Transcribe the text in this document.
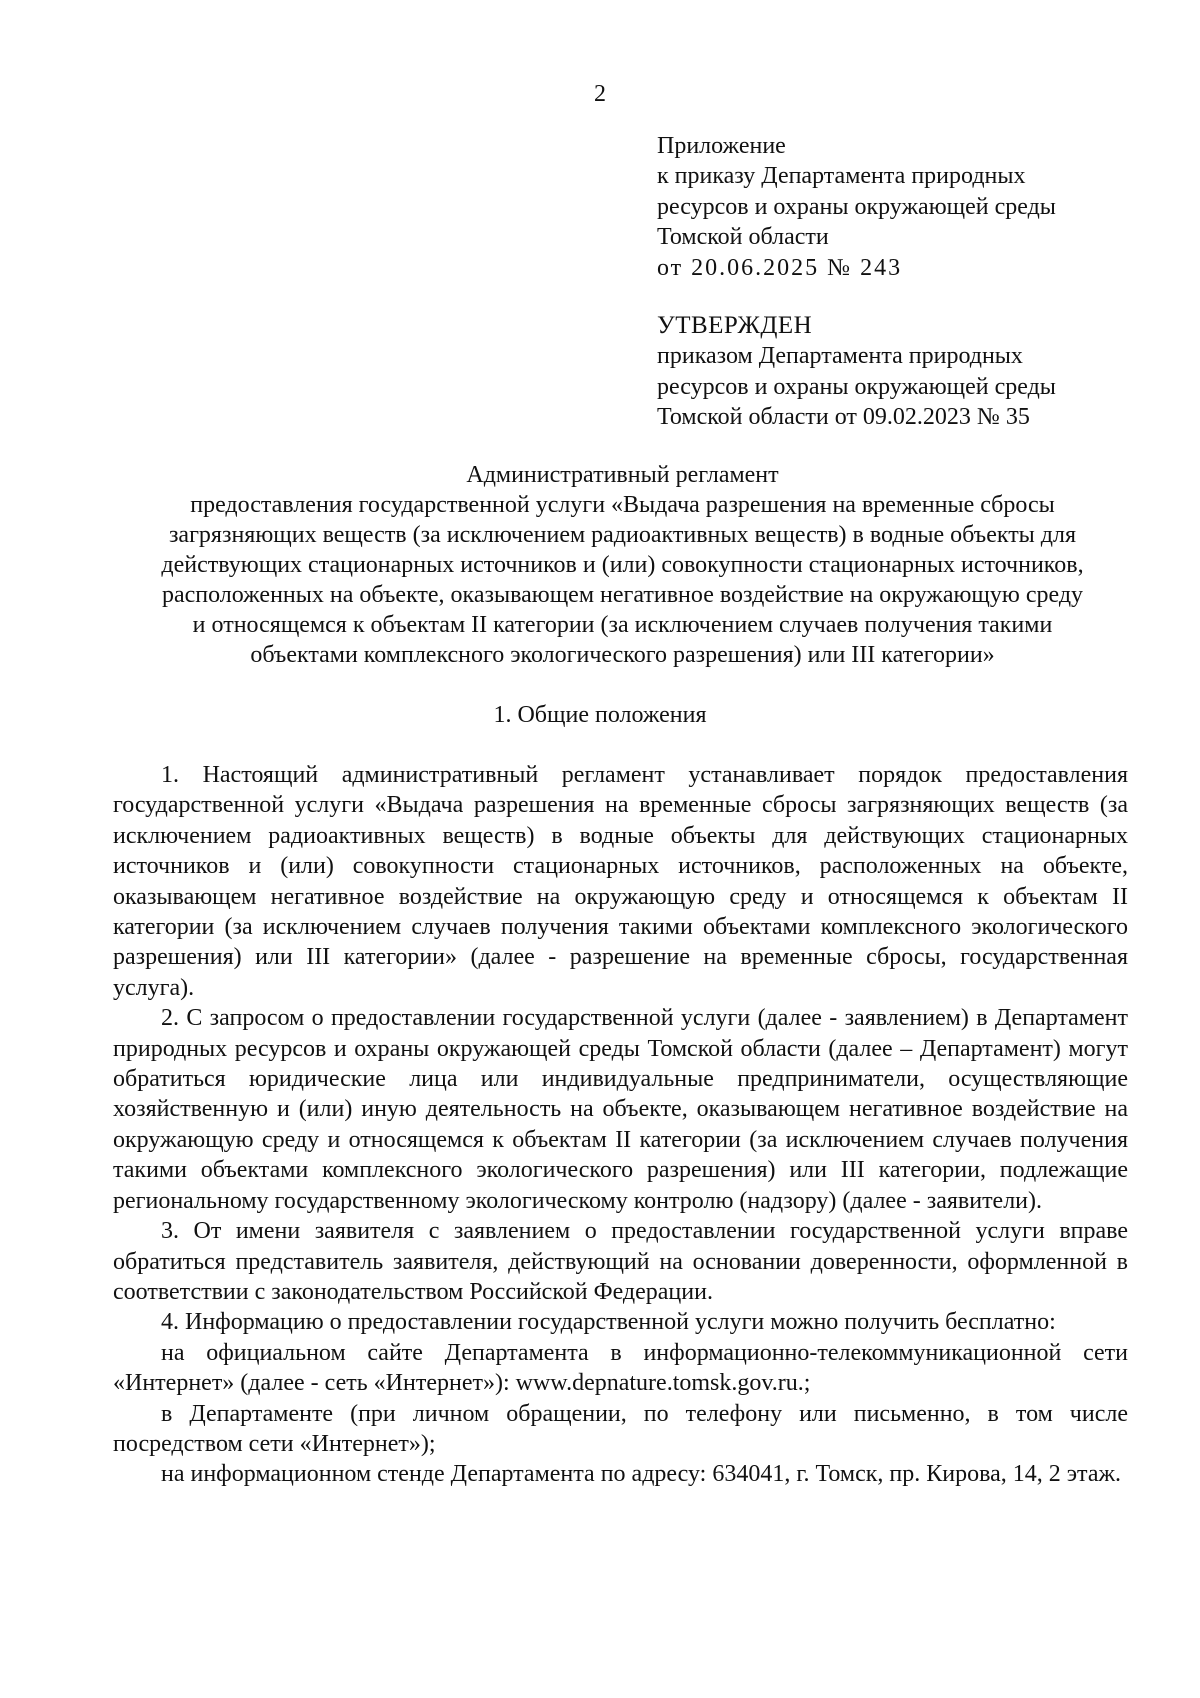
2
Приложение
к приказу Департамента природных
ресурсов и охраны окружающей среды
Томской области
от 20.06.2025 № 243
УТВЕРЖДЕН
приказом Департамента природных
ресурсов и охраны окружающей среды
Томской области от 09.02.2023 № 35
Административный регламент
предоставления государственной услуги «Выдача разрешения на временные сбросы
загрязняющих веществ (за исключением радиоактивных веществ) в водные объекты для
действующих стационарных источников и (или) совокупности стационарных источников,
расположенных на объекте, оказывающем негативное воздействие на окружающую среду
и относящемся к объектам II категории (за исключением случаев получения такими
объектами комплексного экологического разрешения) или III категории»
1. Общие положения

1. Настоящий административный регламент устанавливает порядок предоставления государственной услуги «Выдача разрешения на временные сбросы загрязняющих веществ (за исключением радиоактивных веществ) в водные объекты для действующих стационарных источников и (или) совокупности стационарных источников, расположенных на объекте, оказывающем негативное воздействие на окружающую среду и относящемся к объектам II категории (за исключением случаев получения такими объектами комплексного экологического разрешения) или III категории» (далее - разрешение на временные сбросы, государственная услуга).

2. С запросом о предоставлении государственной услуги (далее - заявлением) в Департамент природных ресурсов и охраны окружающей среды Томской области (далее – Департамент) могут обратиться юридические лица или индивидуальные предприниматели, осуществляющие хозяйственную и (или) иную деятельность на объекте, оказывающем негативное воздействие на окружающую среду и относящемся к объектам II категории (за исключением случаев получения такими объектами комплексного экологического разрешения) или III категории, подлежащие региональному государственному экологическому контролю (надзору) (далее - заявители).

3. От имени заявителя с заявлением о предоставлении государственной услуги вправе обратиться представитель заявителя, действующий на основании доверенности, оформленной в соответствии с законодательством Российской Федерации.

4. Информацию о предоставлении государственной услуги можно получить бесплатно:

на официальном сайте Департамента в информационно-телекоммуникационной сети «Интернет» (далее - сеть «Интернет»): www.depnature.tomsk.gov.ru.;

в Департаменте (при личном обращении, по телефону или письменно, в том числе посредством сети «Интернет»);

на информационном стенде Департамента по адресу: 634041, г. Томск, пр. Кирова, 14, 2 этаж.
